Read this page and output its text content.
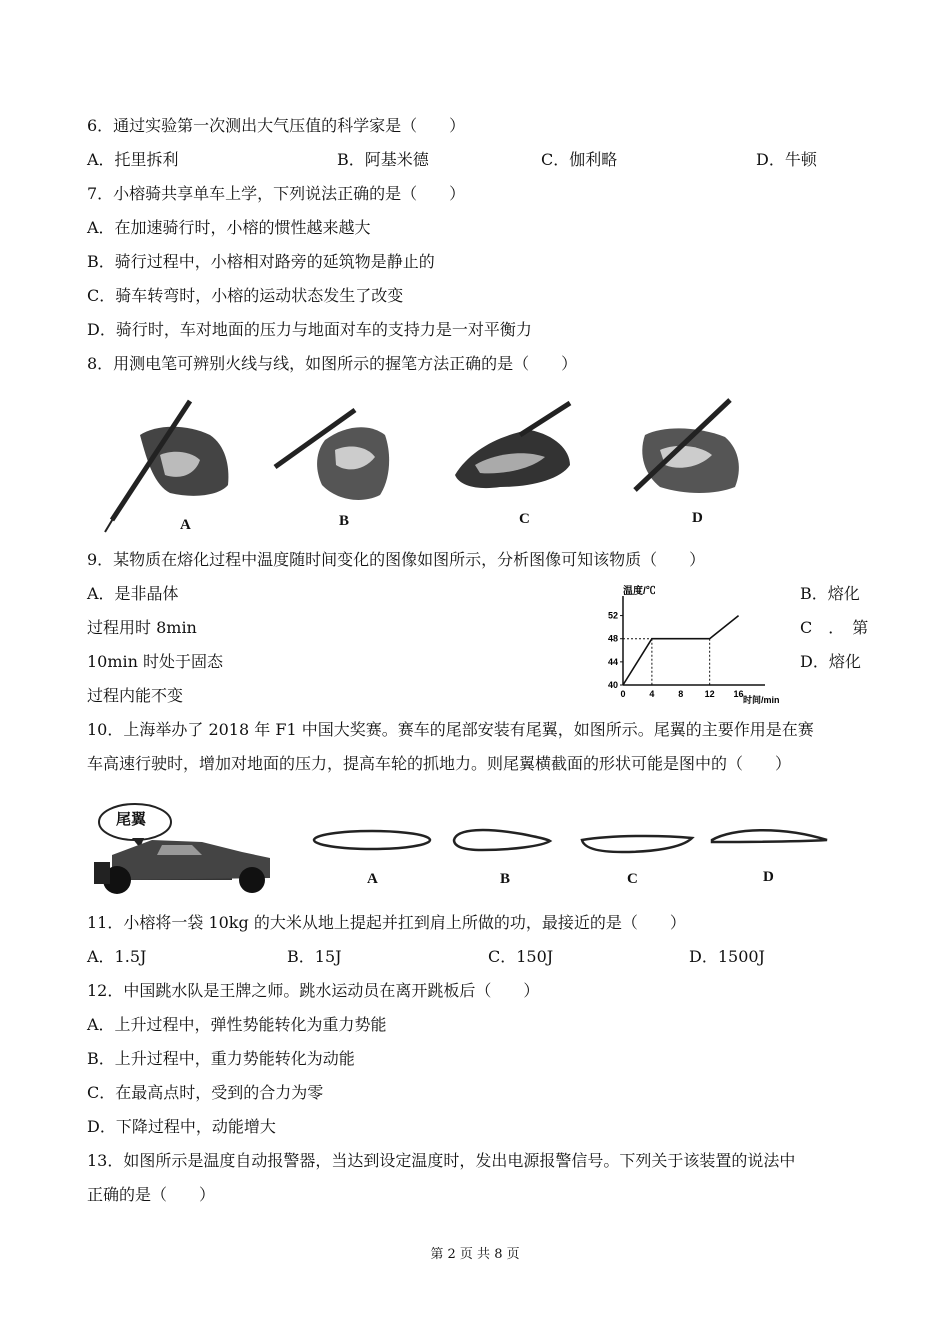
6．通过实验第一次测出大气压值的科学家是（　　）
A．托里拆利	B．阿基米德	C．伽利略	D．牛顿
7．小榕骑共享单车上学，下列说法正确的是（　　）
A．在加速骑行时，小榕的惯性越来越大
B．骑行过程中，小榕相对路旁的延筑物是静止的
C．骑车转弯时，小榕的运动状态发生了改变
D．骑行时，车对地面的压力与地面对车的支持力是一对平衡力
8．用测电笔可辨别火线与线，如图所示的握笔方法正确的是（　　）
A	B	C	D
9．某物质在熔化过程中温度随时间变化的图像如图所示，分析图像可知该物质（　　）
A．是非晶体
过程用时 8min
10min 时处于固态
过程内能不变
B．熔化
C　．　第
D．熔化
温度/℃
时间/min
40
44
48
52
0	4	8 12 16
10．上海举办了 2018 年 F1 中国大奖赛。赛车的尾部安装有尾翼，如图所示。尾翼的主要作用是在赛
车高速行驶时，增加对地面的压力，提高车轮的抓地力。则尾翼横截面的形状可能是图中的（　　）
尾翼
A	B	C	D
11．小榕将一袋 10kg 的大米从地上提起并扛到肩上所做的功，最接近的是（　　）
A．1.5J	B．15J	C．150J	D．1500J
12．中国跳水队是王牌之师。跳水运动员在离开跳板后（　　）
A．上升过程中，弹性势能转化为重力势能
B．上升过程中，重力势能转化为动能
C．在最高点时，受到的合力为零
D．下降过程中，动能增大
13．如图所示是温度自动报警器，当达到设定温度时，发出电源报警信号。下列关于该装置的说法中
正确的是（　　）
第 2 页 共 8 页
